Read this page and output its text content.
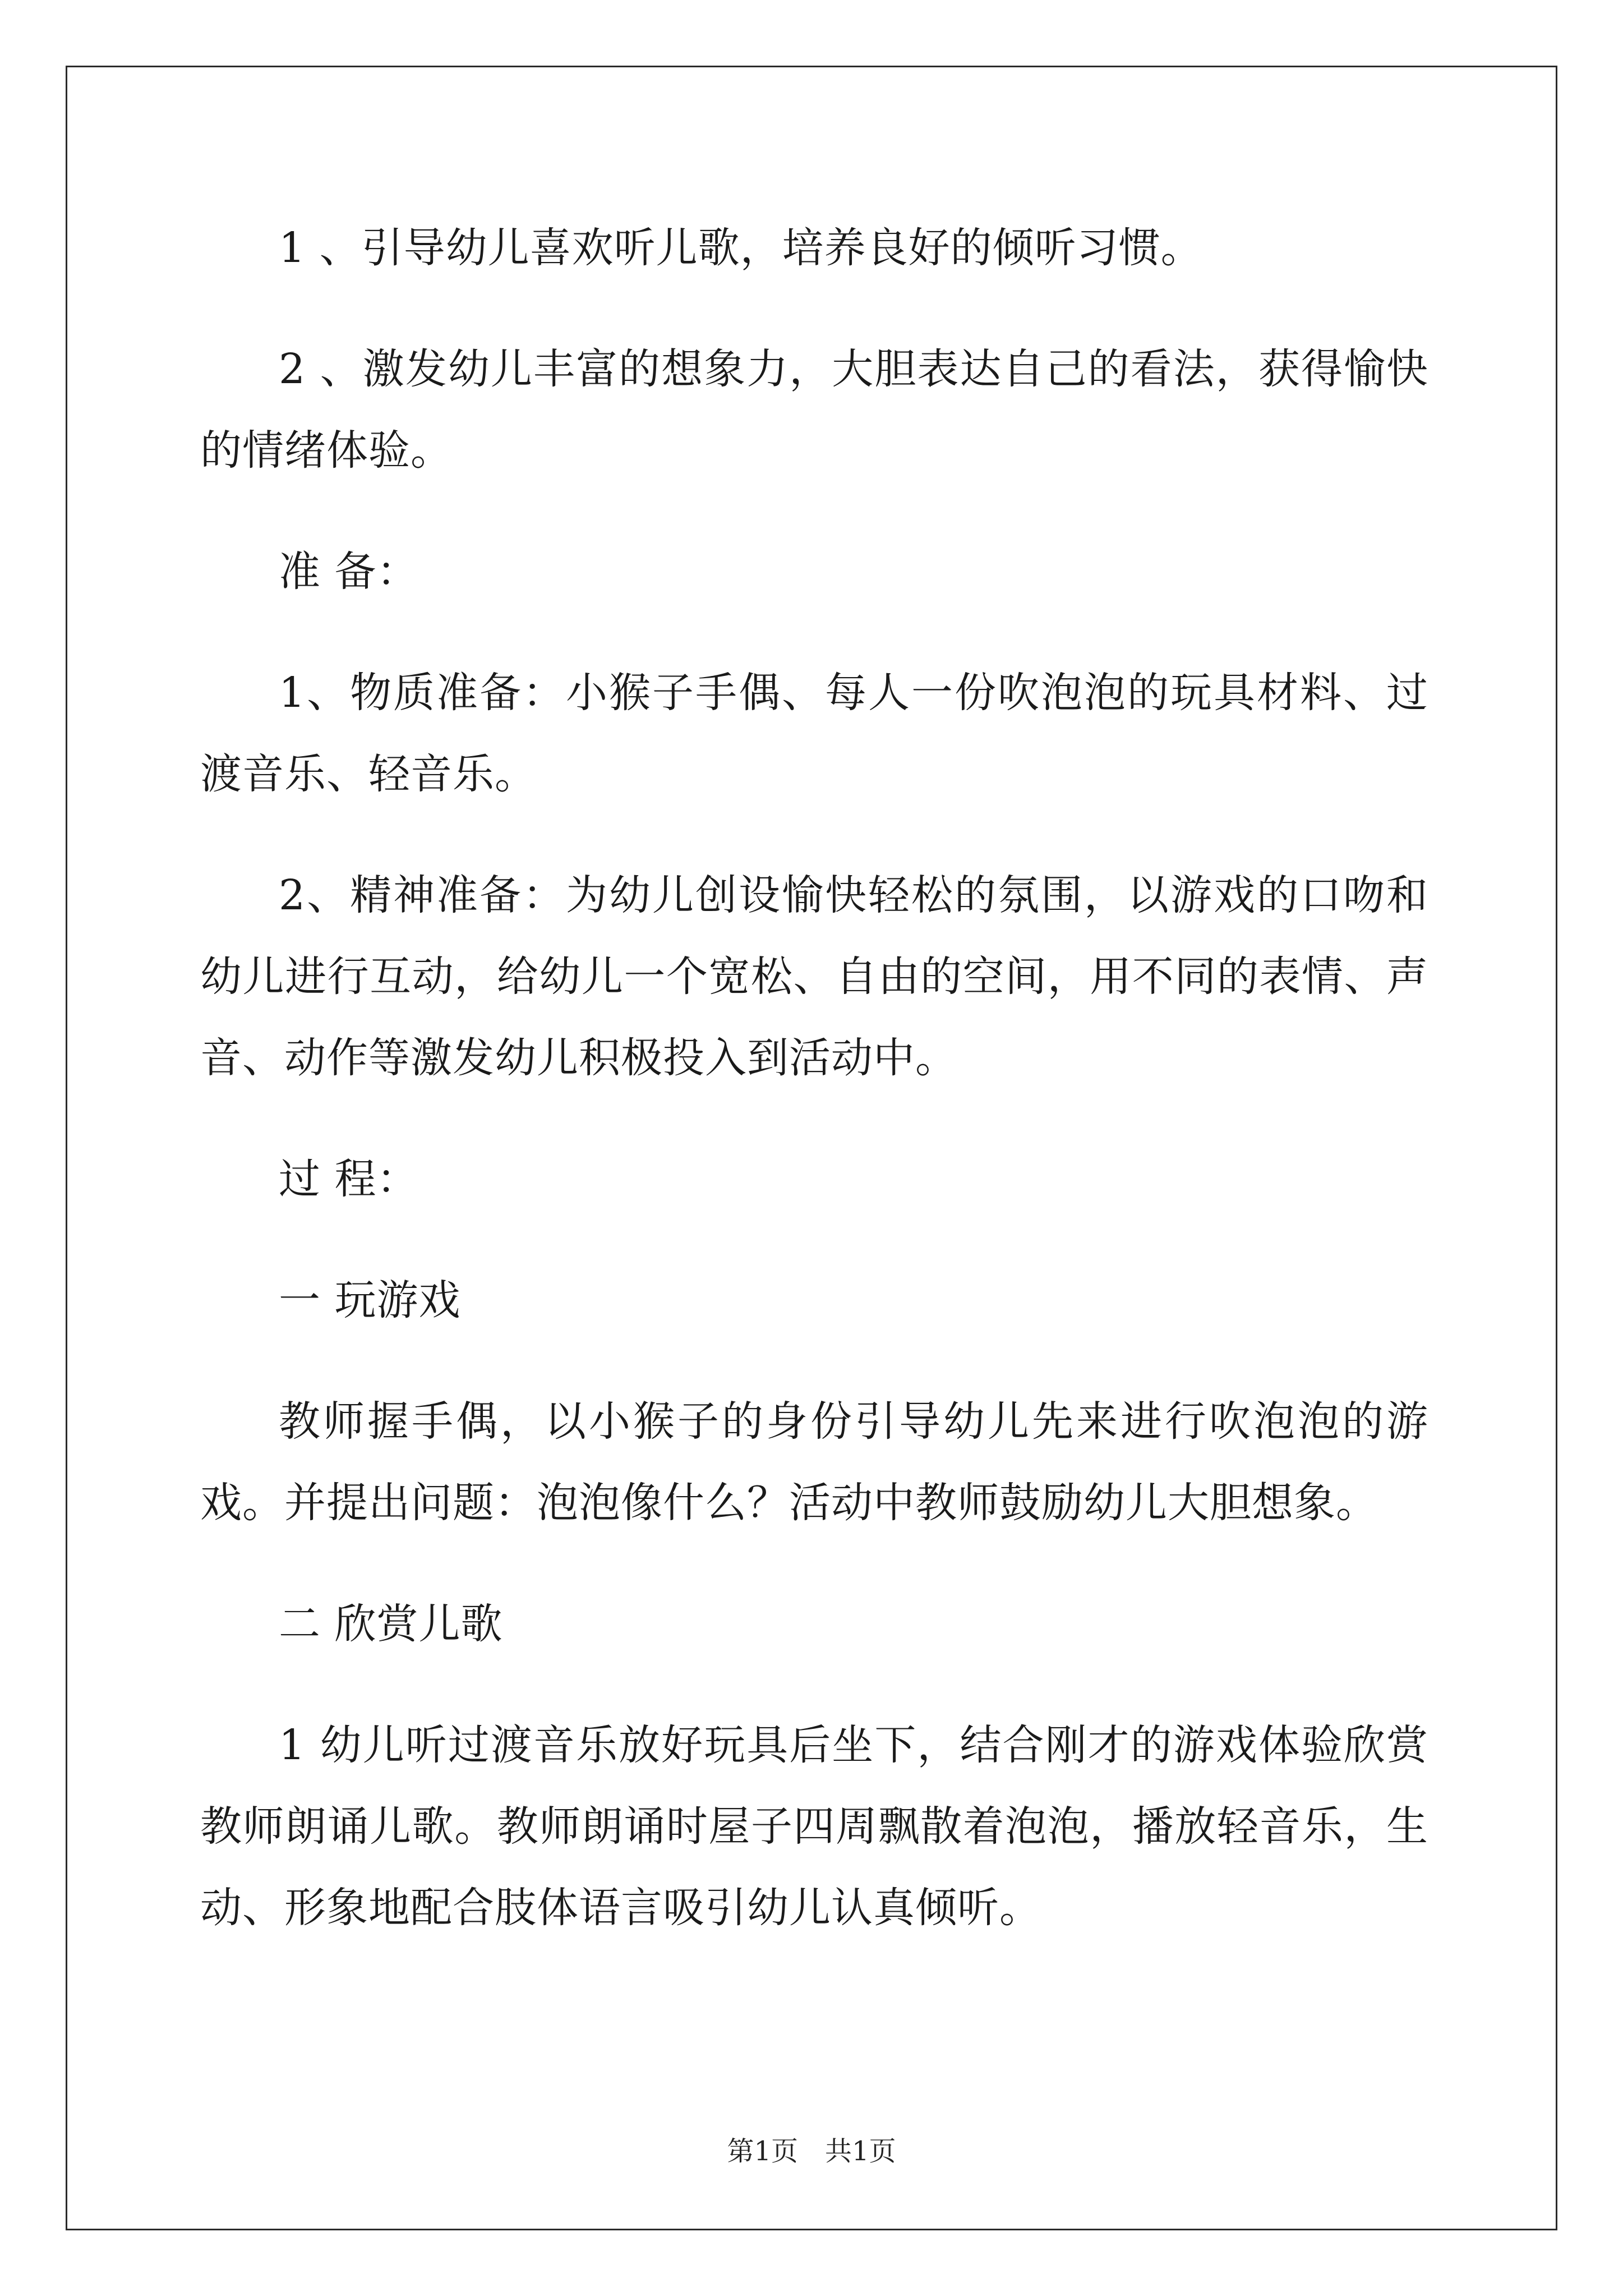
1 、引导幼儿喜欢听儿歌，培养良好的倾听习惯。

2 、激发幼儿丰富的想象力，大胆表达自己的看法，获得愉快的情绪体验。

准 备：

1、物质准备：小猴子手偶、每人一份吹泡泡的玩具材料、过渡音乐、轻音乐。

2、精神准备：为幼儿创设愉快轻松的氛围，以游戏的口吻和幼儿进行互动，给幼儿一个宽松、自由的空间，用不同的表情、声音、动作等激发幼儿积极投入到活动中。

过 程：

一 玩游戏

教师握手偶，以小猴子的身份引导幼儿先来进行吹泡泡的游戏。并提出问题：泡泡像什么？活动中教师鼓励幼儿大胆想象。

二 欣赏儿歌

1 幼儿听过渡音乐放好玩具后坐下，结合刚才的游戏体验欣赏教师朗诵儿歌。教师朗诵时屋子四周飘散着泡泡，播放轻音乐，生动、形象地配合肢体语言吸引幼儿认真倾听。

第1页　共1页
